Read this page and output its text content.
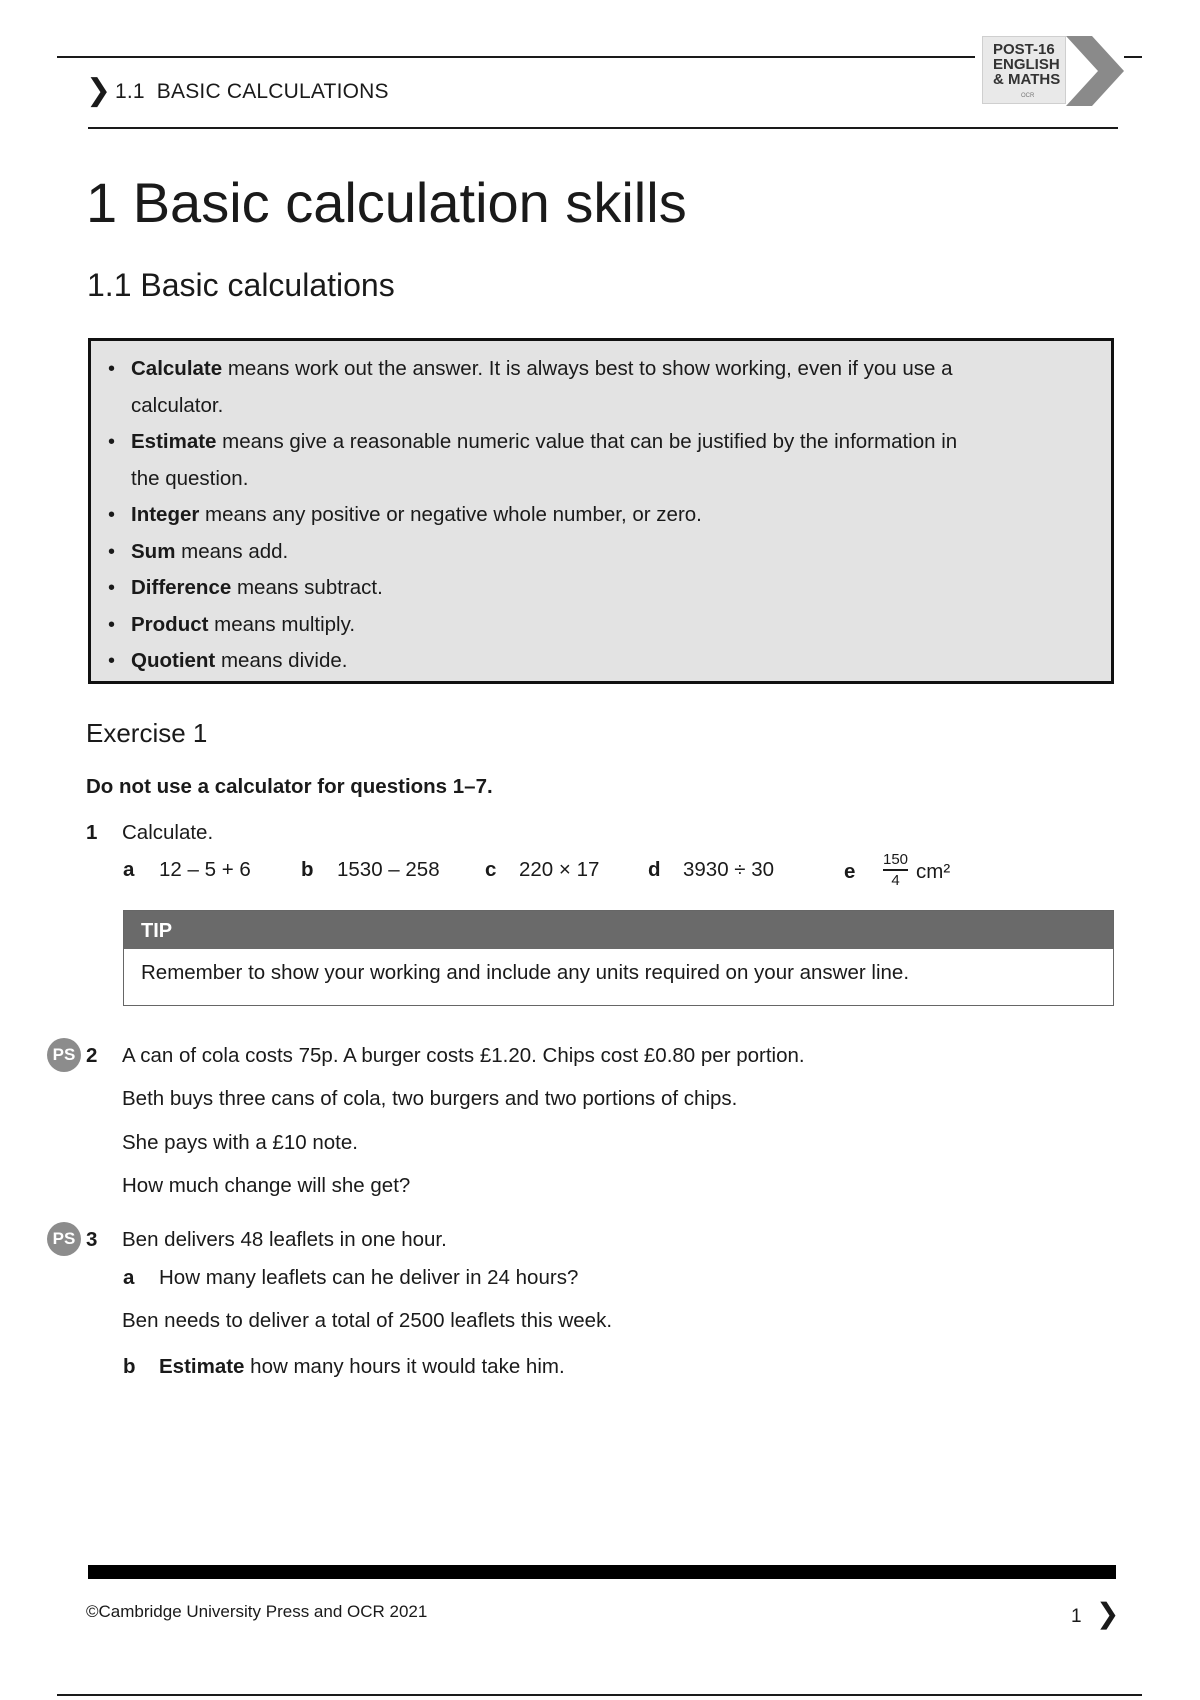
❯ 1.1 BASIC CALCULATIONS
POST-16
ENGLISH
& MATHS
OCR
1 Basic calculation skills
1.1 Basic calculations
• Calculate means work out the answer. It is always best to show working, even if you use a calculator.
• Estimate means give a reasonable numeric value that can be justified by the information in the question.
• Integer means any positive or negative whole number, or zero.
• Sum means add.
• Difference means subtract.
• Product means multiply.
• Quotient means divide.
Exercise 1
Do not use a calculator for questions 1–7.
1 Calculate.
a 12 – 5 + 6 b 1530 – 258 c 220 × 17 d 3930 ÷ 30	e
150
4 cm²
TIP
Remember to show your working and include any units required on your answer line.
PS 2 A can of cola costs 75p. A burger costs £1.20. Chips cost £0.80 per portion.
Beth buys three cans of cola, two burgers and two portions of chips.
She pays with a £10 note.
How much change will she get?
PS 3 Ben delivers 48 leaflets in one hour.
a How many leaflets can he deliver in 24 hours?
Ben needs to deliver a total of 2500 leaflets this week.
b Estimate how many hours it would take him.
©Cambridge University Press and OCR 2021	1 ❯
